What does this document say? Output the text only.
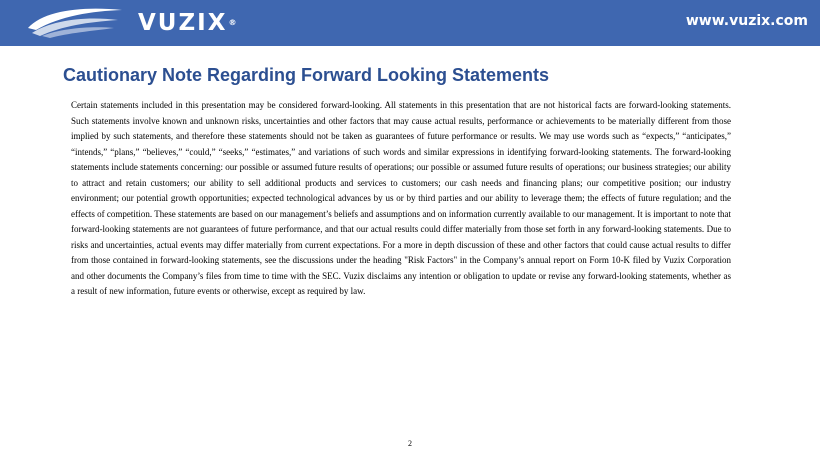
VUZIX®	www.vuzix.com
Cautionary Note Regarding Forward Looking Statements

Certain statements included in this presentation may be considered forward-looking. All statements in this presentation that are not historical facts are forward-looking statements. Such statements involve known and unknown risks, uncertainties and other factors that may cause actual results, performance or achievements to be materially different from those implied by such statements, and therefore these statements should not be taken as guarantees of future performance or results. We may use words such as “expects,” “anticipates,” “intends,” “plans,” “believes,” “could,” “seeks,” “estimates,” and variations of such words and similar expressions in identifying forward-looking statements. The forward-looking statements include statements concerning: our possible or assumed future results of operations; our possible or assumed future results of operations; our business strategies; our ability to attract and retain customers; our ability to sell additional products and services to customers; our cash needs and financing plans; our competitive position; our industry environment; our potential growth opportunities; expected technological advances by us or by third parties and our ability to leverage them; the effects of future regulation; and the effects of competition. These statements are based on our management’s beliefs and assumptions and on information currently available to our management. It is important to note that forward-looking statements are not guarantees of future performance, and that our actual results could differ materially from those set forth in any forward-looking statements. Due to risks and uncertainties, actual events may differ materially from current expectations. For a more in depth discussion of these and other factors that could cause actual results to differ from those contained in forward-looking statements, see the discussions under the heading "Risk Factors" in the Company’s annual report on Form 10-K filed by Vuzix Corporation and other documents the Company’s files from time to time with the SEC. Vuzix disclaims any intention or obligation to update or revise any forward-looking statements, whether as a result of new information, future events or otherwise, except as required by law.

2
